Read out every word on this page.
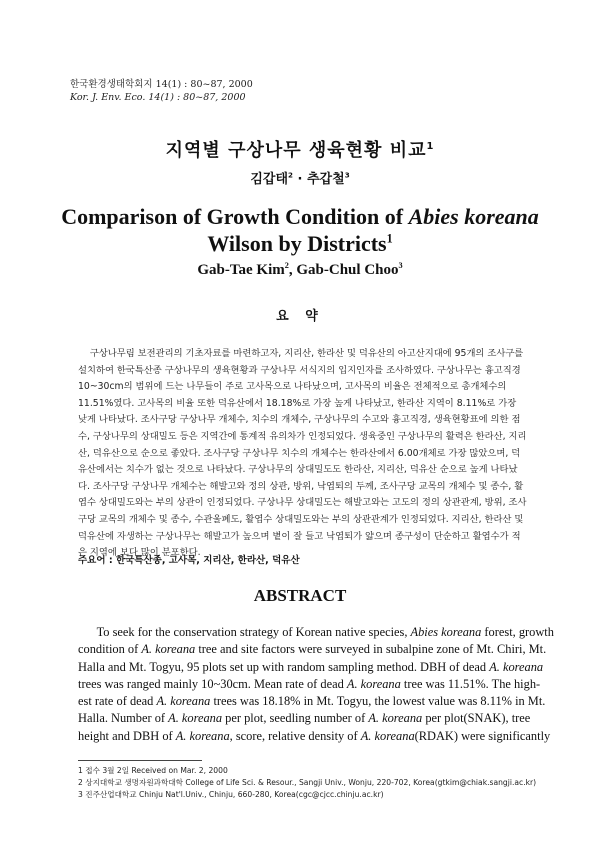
한국환경생태학회지 14(1) : 80~87, 2000
Kor. J. Env. Eco. 14(1) : 80~87, 2000
지역별 구상나무 생육현황 비교$^1$
김갑태$^2$ · 추갑철$^3$
Comparison of Growth Condition of Abies koreana
Wilson by Districts$^1$
Gab-Tae Kim$^2$, Gab-Chul Choo$^3$
요 약
구상나무림 보전관리의 기초자료를 마련하고자, 지리산, 한라산 및 덕유산의 아고산지대에 95개의 조사구를
설치하여 한국특산종 구상나무의 생육현황과 구상나무 서식지의 입지인자를 조사하였다. 구상나무는 흉고직경
10~30cm의 범위에 드는 나무들이 주로 고사목으로 나타났으며, 고사목의 비율은 전체적으로 총개체수의
11.51%였다. 고사목의 비율 또한 덕유산에서 18.18%로 가장 높게 나타났고, 한라산 지역이 8.11%로 가장
낮게 나타났다. 조사구당 구상나무 개체수, 치수의 개체수, 구상나무의 수고와 흉고직경, 생육현황표에 의한 점
수, 구상나무의 상대밀도 등은 지역간에 통계적 유의차가 인정되었다. 생육중인 구상나무의 활력은 한라산, 지리
산, 덕유산으로 순으로 좋았다. 조사구당 구상나무 치수의 개체수는 한라산에서 6.00개체로 가장 많았으며, 덕
유산에서는 치수가 없는 것으로 나타났다. 구상나무의 상대밀도도 한라산, 지리산, 덕유산 순으로 높게 나타났
다. 조사구당 구상나무 개체수는 해발고와 정의 상관, 방위, 낙엽퇴의 두께, 조사구당 교목의 개체수 및 종수, 활
엽수 상대밀도와는 부의 상관이 인정되었다. 구상나무 상대밀도는 해발고와는 고도의 정의 상관관계, 방위, 조사
구당 교목의 개체수 및 종수, 수관울폐도, 활엽수 상대밀도와는 부의 상관관계가 인정되었다. 지리산, 한라산 및
덕유산에 자생하는 구상나무는 해발고가 높으며 볕이 잘 들고 낙엽퇴가 얇으며 종구성이 단순하고 활엽수가 적
은 지역에 보다 많이 분포한다.
주요어 : 한국특산종, 고사목, 지리산, 한라산, 덕유산
ABSTRACT
To seek for the conservation strategy of Korean native species, Abies koreana forest, growth
condition of A. koreana tree and site factors were surveyed in subalpine zone of Mt. Chiri, Mt.
Halla and Mt. Togyu, 95 plots set up with random sampling method. DBH of dead A. koreana
trees was ranged mainly 10~30cm. Mean rate of dead A. koreana tree was 11.51%. The high-
est rate of dead A. koreana trees was 18.18% in Mt. Togyu, the lowest value was 8.11% in Mt.
Halla. Number of A. koreana per plot, seedling number of A. koreana per plot(SNAK), tree
height and DBH of A. koreana, score, relative density of A. koreana(RDAK) were significantly
1 접수 3월 2일 Received on Mar. 2, 2000
2 상지대학교 생명자원과학대학 College of Life Sci. & Resour., Sangji Univ., Wonju, 220-702, Korea(gtkim@chiak.sangji.ac.kr)
3 진주산업대학교 Chinju Nat'l.Univ., Chinju, 660-280, Korea(cgc@cjcc.chinju.ac.kr)
